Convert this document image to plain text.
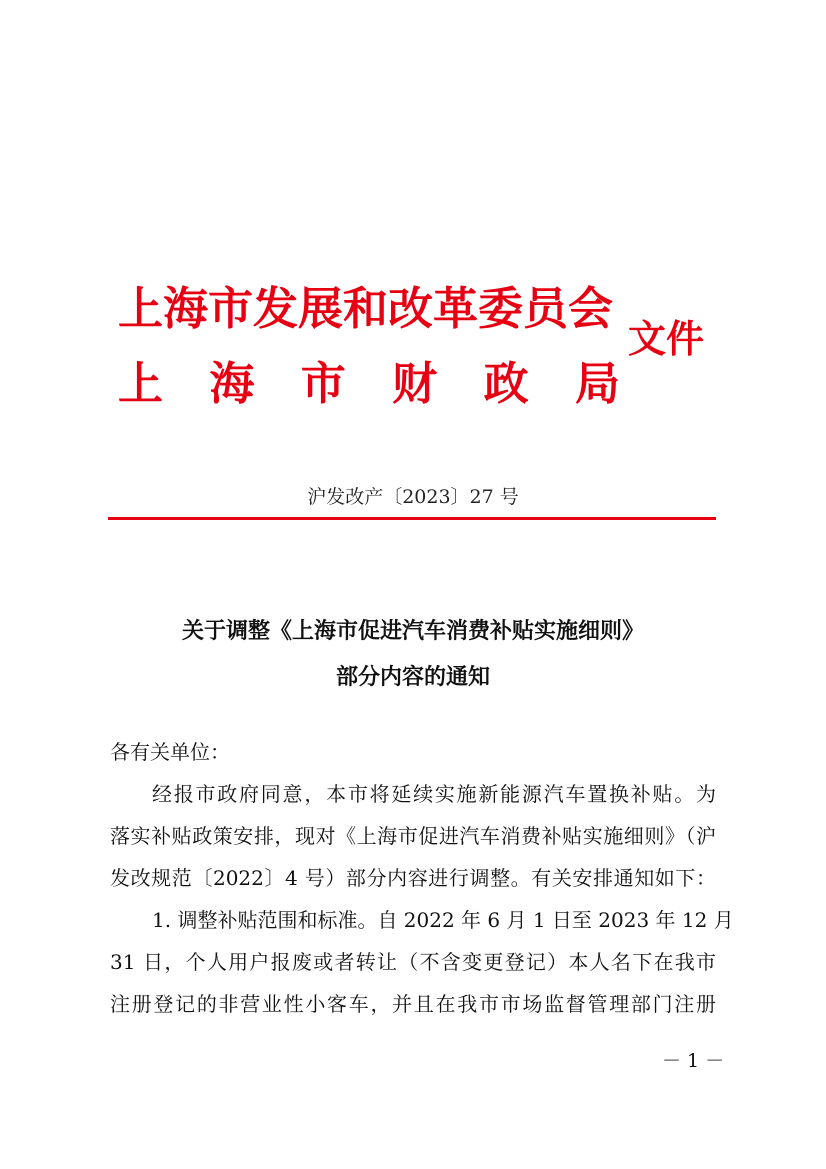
上海市发展和改革委员会
上 海 市 财 政 局
文件
沪发改产〔2023〕27 号
关于调整《上海市促进汽车消费补贴实施细则》
部分内容的通知
各有关单位：
经报市政府同意，本市将延续实施新能源汽车置换补贴。为
落实补贴政策安排，现对《上海市促进汽车消费补贴实施细则》（沪
发改规范〔2022〕4 号）部分内容进行调整。有关安排通知如下：
1. 调整补贴范围和标准。自 2022 年 6 月 1 日至 2023 年 12 月
31 日，个人用户报废或者转让（不含变更登记）本人名下在我市
注册登记的非营业性小客车，并且在我市市场监督管理部门注册
－ 1 －
